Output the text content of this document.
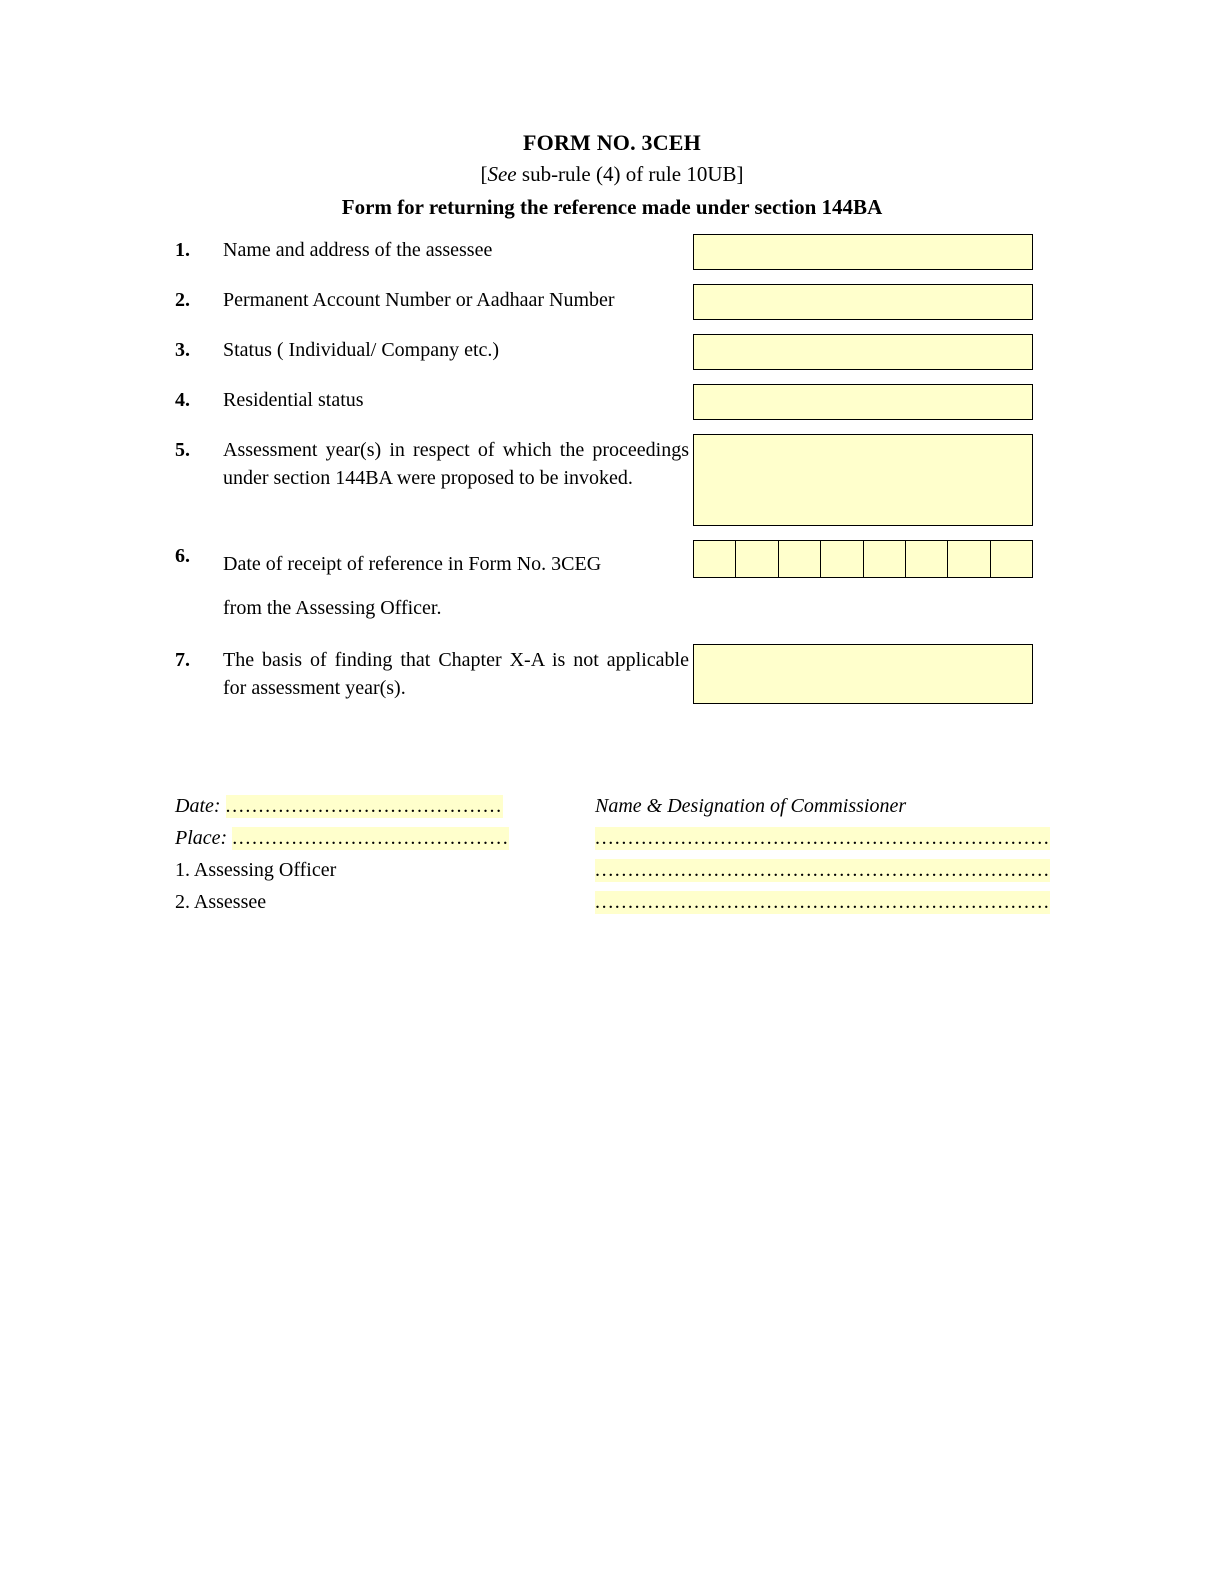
FORM NO. 3CEH
[See sub-rule (4) of rule 10UB]
Form for returning the reference made under section 144BA
1.	Name and address of the assessee
2.	Permanent Account Number or Aadhaar Number
3.	Status ( Individual/ Company etc.)
4.	Residential status
5.	Assessment year(s) in respect of which the proceedings under section 144BA were proposed to be invoked.
6.	Date of receipt of reference in Form No. 3CEG
from the Assessing Officer.
7.	The basis of finding that Chapter X-A is not applicable for assessment year(s).
Date: ..........................................	Name & Designation of Commissioner
Place: ..........................................	.....................................................................
1. Assessing Officer	.....................................................................
2. Assessee	.....................................................................
